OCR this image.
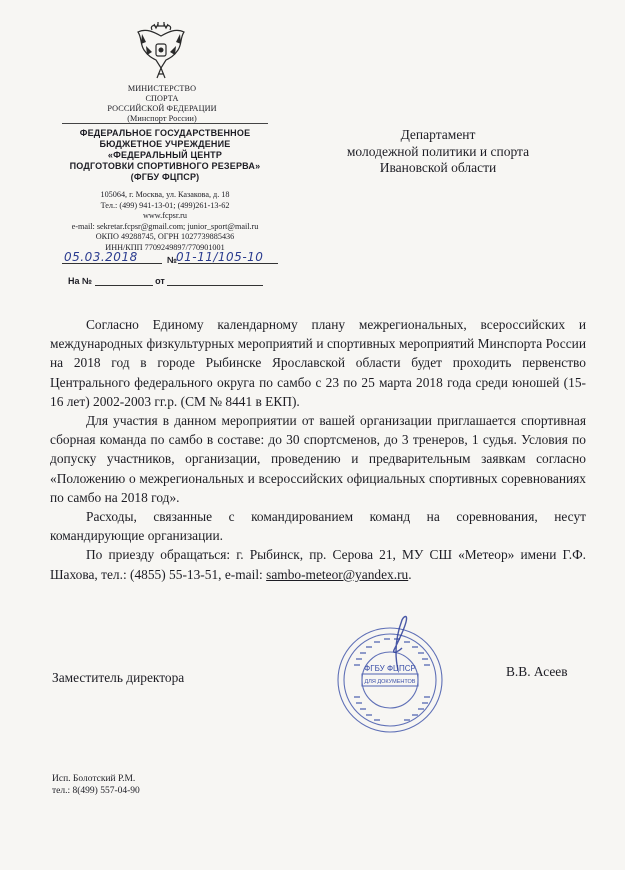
МИНИСТЕРСТВО
СПОРТА
РОССИЙСКОЙ ФЕДЕРАЦИИ
(Минспорт России)
ФЕДЕРАЛЬНОЕ ГОСУДАРСТВЕННОЕ
БЮДЖЕТНОЕ УЧРЕЖДЕНИЕ
«ФЕДЕРАЛЬНЫЙ ЦЕНТР
ПОДГОТОВКИ СПОРТИВНОГО РЕЗЕРВА»
(ФГБУ ФЦПСР)
105064, г. Москва, ул. Казакова, д. 18
Тел.: (499) 941-13-01; (499)261-13-62
www.fcpsr.ru
e-mail: sekretar.fcpsr@gmail.com; junior_sport@mail.ru
ОКПО 49288745, ОГРН 1027739885436
ИНН/КПП 7709249897/770901001
05.03.2018	№
01-11/105-10
На №	от
Департамент
молодежной политики и спорта
Ивановской области

Согласно Единому календарному плану межрегиональных, всероссийских и международных физкультурных мероприятий и спортивных мероприятий Минспорта России на 2018 год в городе Рыбинске Ярославской области будет проходить первенство Центрального федерального округа по самбо с 23 по 25 марта 2018 года среди юношей (15-16 лет) 2002-2003 гг.р. (СМ № 8441 в ЕКП).

Для участия в данном мероприятии от вашей организации приглашается спортивная сборная команда по самбо в составе: до 30 спортсменов, до 3 тренеров, 1 судья. Условия по допуску участников, организации, проведению и предварительным заявкам согласно «Положению о межрегиональных и всероссийских официальных спортивных соревнованиях по самбо на 2018 год».

Расходы, связанные с командированием команд на соревнования, несут командирующие организации.

По приезду обращаться: г. Рыбинск, пр. Серова 21, МУ СШ «Метеор» имени Г.Ф. Шахова, тел.: (4855) 55-13-51, e-mail: sambo-meteor@yandex.ru.

ФГБУ ФЦПСР
ДЛЯ ДОКУМЕНТОВ
Заместитель директора	В.В. Асеев
Исп. Болотский Р.М.
тел.: 8(499) 557-04-90
